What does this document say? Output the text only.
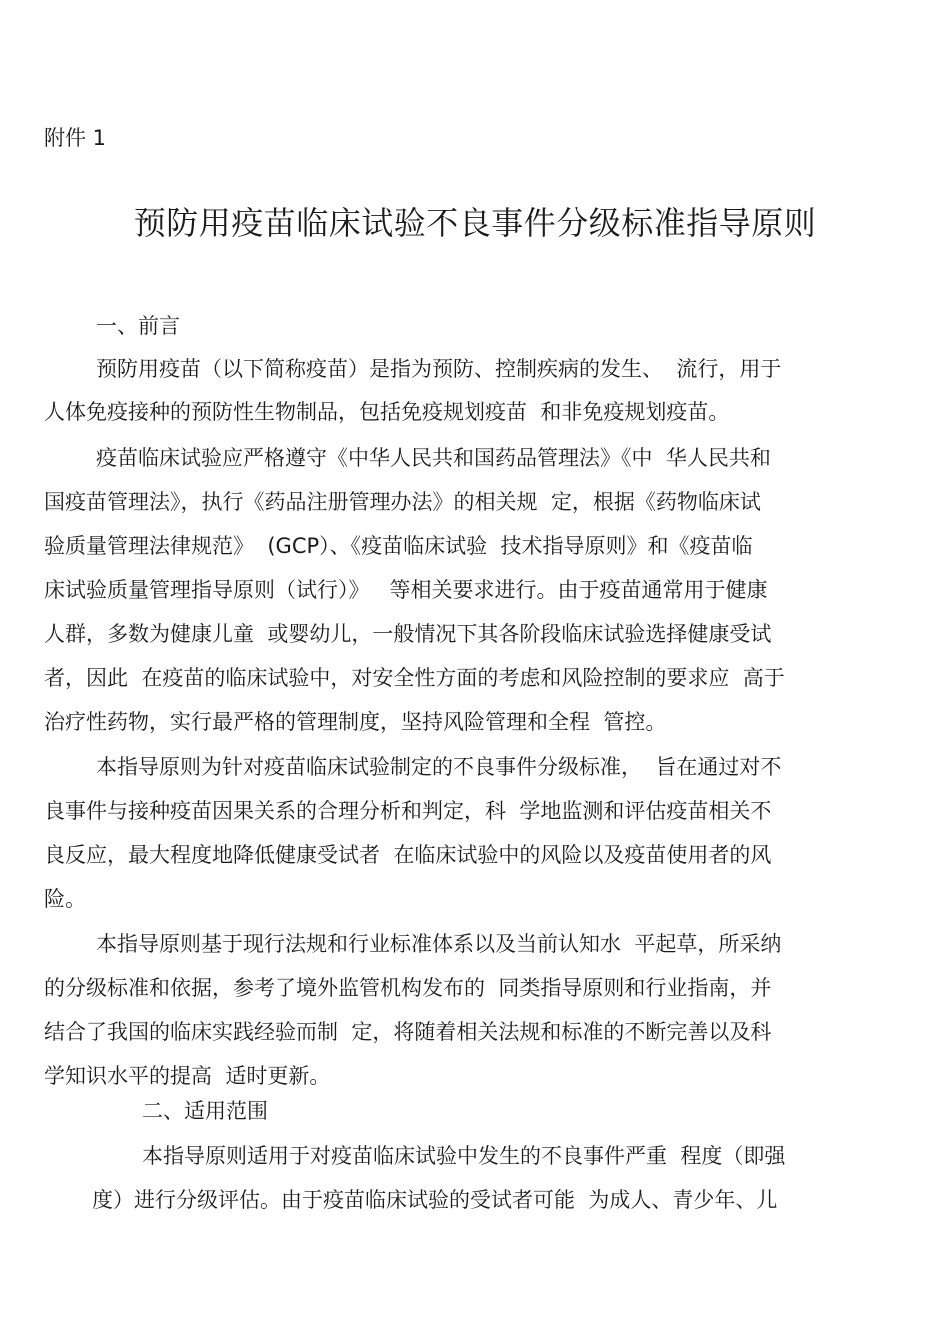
附件 1
预防用疫苗临床试验不良事件分级标准指导原则
一、前言
预防用疫苗（以下简称疫苗）是指为预防、控制疾病的发生、  流行，用于
人体免疫接种的预防性生物制品，包括免疫规划疫苗  和非免疫规划疫苗。
疫苗临床试验应严格遵守《中华人民共和国药品管理法》《中  华人民共和
国疫苗管理法》，执行《药品注册管理办法》的相关规  定，根据《药物临床试
验质量管理法律规范》  (GCP）、《疫苗临床试验  技术指导原则》和《疫苗临
床试验质量管理指导原则（试行）》   等相关要求进行。由于疫苗通常用于健康
人群，多数为健康儿童  或婴幼儿，一般情况下其各阶段临床试验选择健康受试
者，因此  在疫苗的临床试验中，对安全性方面的考虑和风险控制的要求应  高于
治疗性药物，实行最严格的管理制度，坚持风险管理和全程  管控。
本指导原则为针对疫苗临床试验制定的不良事件分级标准，  旨在通过对不
良事件与接种疫苗因果关系的合理分析和判定，科  学地监测和评估疫苗相关不
良反应，最大程度地降低健康受试者  在临床试验中的风险以及疫苗使用者的风
险。
本指导原则基于现行法规和行业标准体系以及当前认知水  平起草，所采纳
的分级标准和依据，参考了境外监管机构发布的  同类指导原则和行业指南，并
结合了我国的临床实践经验而制  定，将随着相关法规和标准的不断完善以及科
学知识水平的提高  适时更新。
二、适用范围
本指导原则适用于对疫苗临床试验中发生的不良事件严重  程度（即强
度）进行分级评估。由于疫苗临床试验的受试者可能  为成人、青少年、儿
